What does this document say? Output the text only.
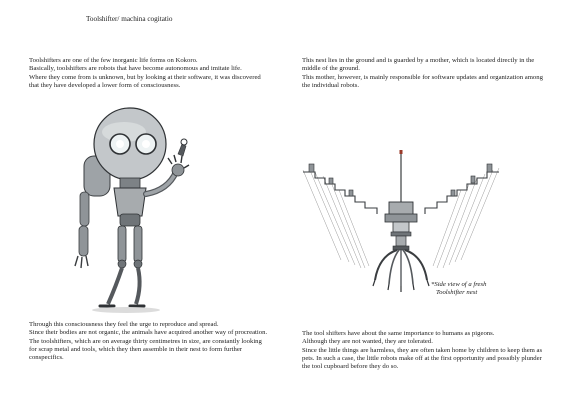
Toolshifter/ machina cogitatio

Toolshifters are one of the few inorganic life forms on Kokoro.

Basically, toolshifters are robots that have become autonomous and imitate life.

Where they come from is unknown, but by looking at their software, it was discovered that they have developed a lower form of consciousness.

Through this consciousness they feel the urge to reproduce and spread.

Since their bodies are not organic, the animals have acquired another way of procreation.

The toolshifters, which are on average thirty centimetres in size, are constantly looking for scrap metal and tools, which they then assemble in their nest to form further conspecifics.

This nest lies in the ground and is guarded by a mother, which is located directly in the middle of the ground.

This mother, however, is mainly responsible for software updates and organization among the individual robots.

*Side view of a fresh
Toolshifter nest

The tool shifters have about the same importance to humans as pigeons.

Although they are not wanted, they are tolerated.

Since the little things are harmless, they are often taken home by children to keep them as pets. In such a case, the little robots make off at the first opportunity and possibly plunder the tool cupboard before they do so.
